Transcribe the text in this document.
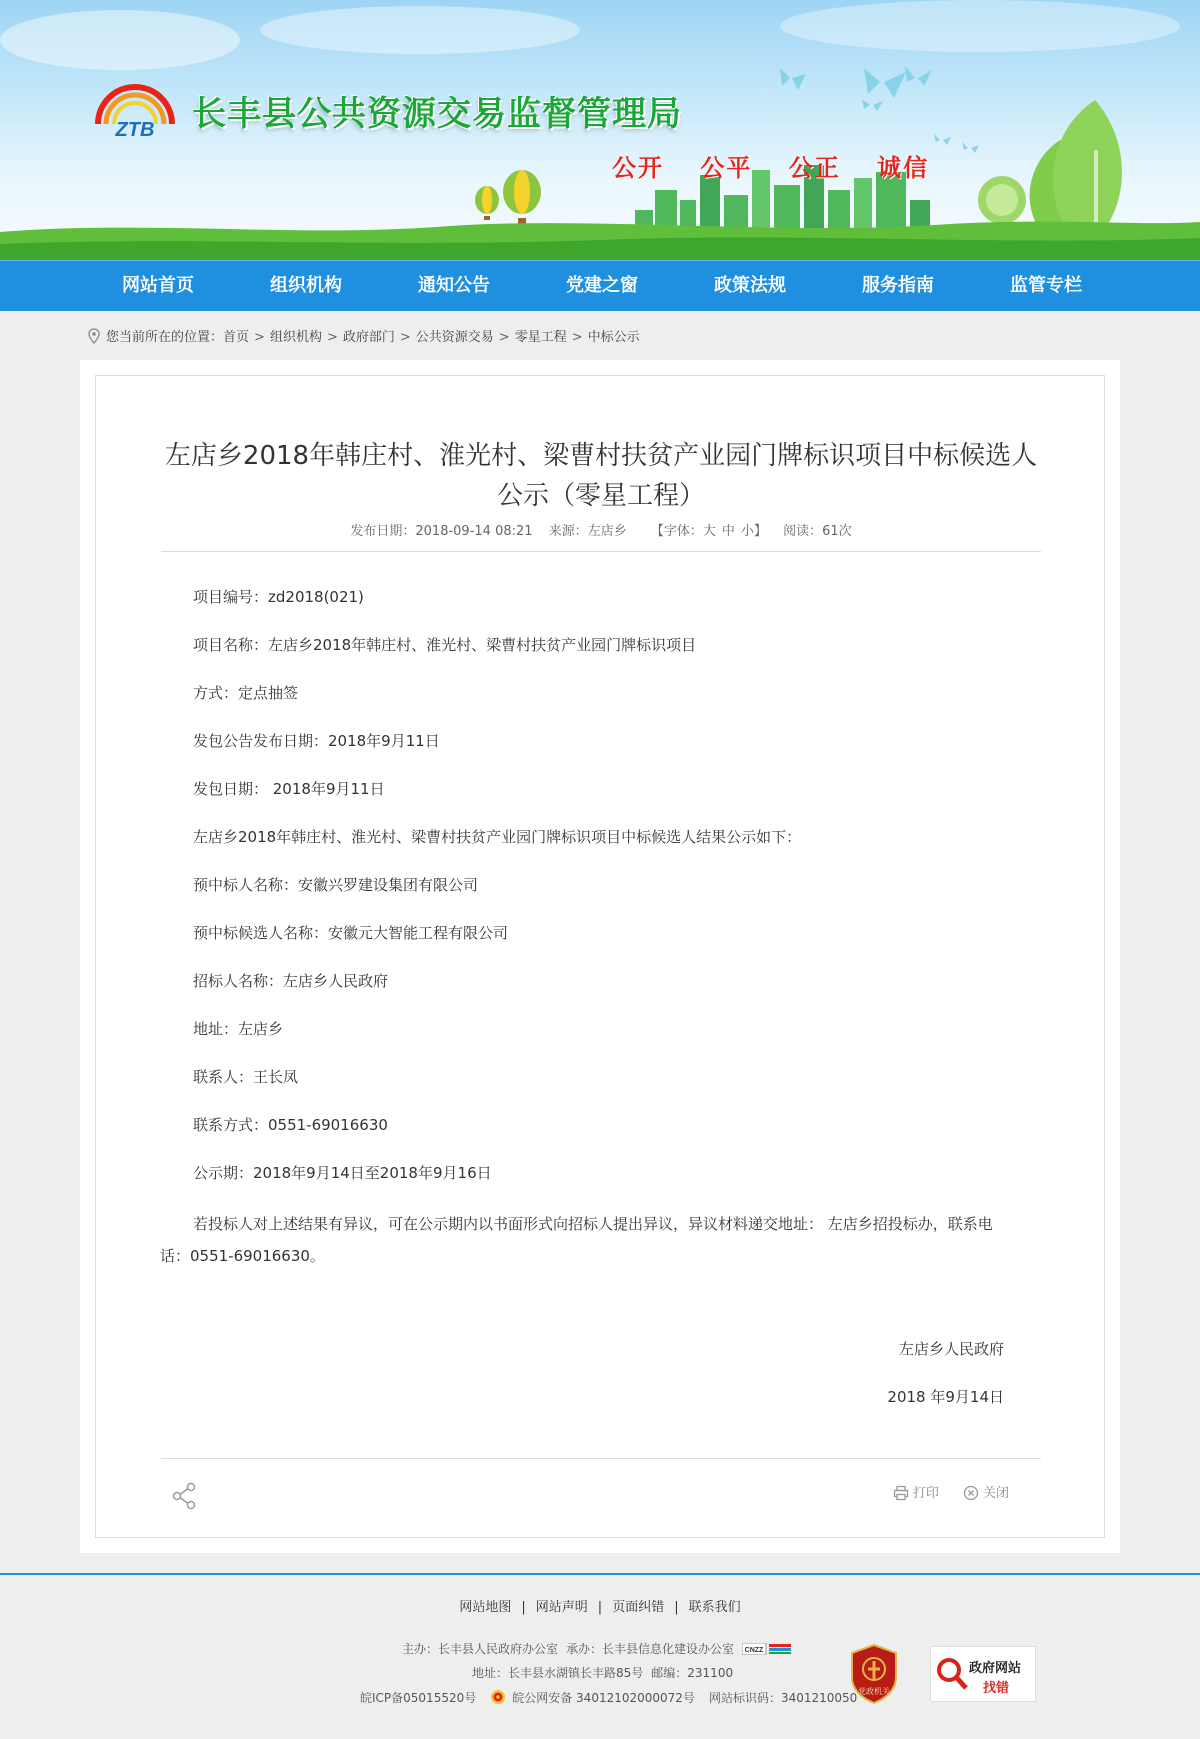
ZTB 长丰县公共资源交易监督管理局
公开 公平 公正 诚信
网站首页	组织机构	通知公告	党建之窗	政策法规	服务指南	监管专栏
您当前所在的位置：首页 > 组织机构 > 政府部门 > 公共资源交易 > 零星工程 > 中标公示
左店乡2018年韩庄村、淮光村、梁曹村扶贫产业园门牌标识项目中标候选人公示（零星工程）
发布日期：2018-09-14 08:21 来源：左店乡 【字体：大 中 小】 阅读：61次

项目编号：zd2018(021)

项目名称：左店乡2018年韩庄村、淮光村、梁曹村扶贫产业园门牌标识项目

方式：定点抽签

发包公告发布日期：2018年9月11日

发包日期： 2018年9月11日

左店乡2018年韩庄村、淮光村、梁曹村扶贫产业园门牌标识项目中标候选人结果公示如下：

预中标人名称：安徽兴罗建设集团有限公司

预中标候选人名称：安徽元大智能工程有限公司

招标人名称：左店乡人民政府

地址：左店乡

联系人：王长凤

联系方式：0551-69016630

公示期：2018年9月14日至2018年9月16日

若投标人对上述结果有异议，可在公示期内以书面形式向招标人提出异议，异议材料递交地址： 左店乡招投标办，联系电话：0551-69016630。

左店乡人民政府
2018 年9月14日
打印	关闭
网站地图 | 网站声明 | 页面纠错 | 联系我们
主办：长丰县人民政府办公室 承办：长丰县信息化建设办公室 CNZZ
地址：长丰县水湖镇长丰路85号 邮编：231100
皖ICP备05015520号	皖公网安备 34012102000072号 网站标识码：3401210050 党政机关
政府网站
找错
